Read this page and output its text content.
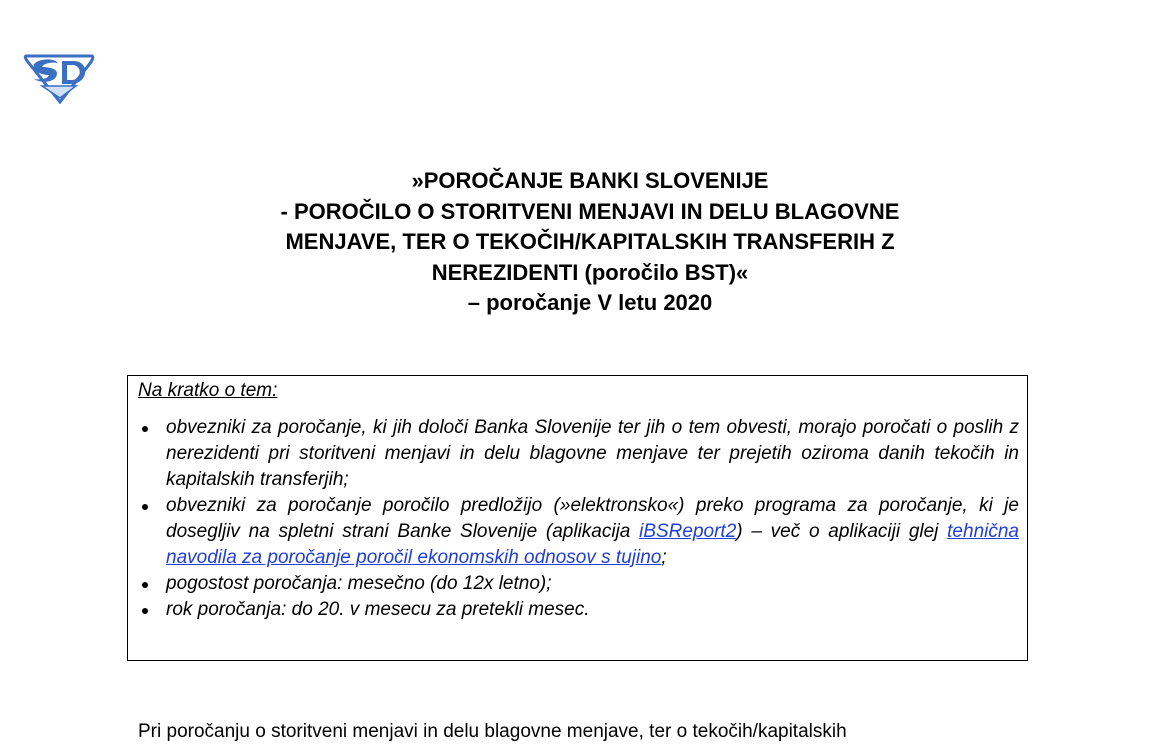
»POROČANJE BANKI SLOVENIJE
- POROČILO O STORITVENI MENJAVI IN DELU BLAGOVNE
MENJAVE, TER O TEKOČIH/KAPITALSKIH TRANSFERIH Z
NEREZIDENTI (poročilo BST)«
– poročanje V letu 2020
Na kratko o tem:
obvezniki za poročanje, ki jih določi Banka Slovenije ter jih o tem obvesti, morajo poročati o poslih z nerezidenti pri storitveni menjavi in delu blagovne menjave ter prejetih oziroma danih tekočih in kapitalskih transferjih;
obvezniki za poročanje poročilo predložijo (»elektronsko«) preko programa za poročanje, ki je dosegljiv na spletni strani Banke Slovenije (aplikacija iBSReport2) – več o aplikaciji glej tehnična navodila za poročanje poročil ekonomskih odnosov s tujino;
pogostost poročanja: mesečno (do 12x letno);
rok poročanja: do 20. v mesecu za pretekli mesec.
Pri poročanju o storitveni menjavi in delu blagovne menjave, ter o tekočih/kapitalskih
